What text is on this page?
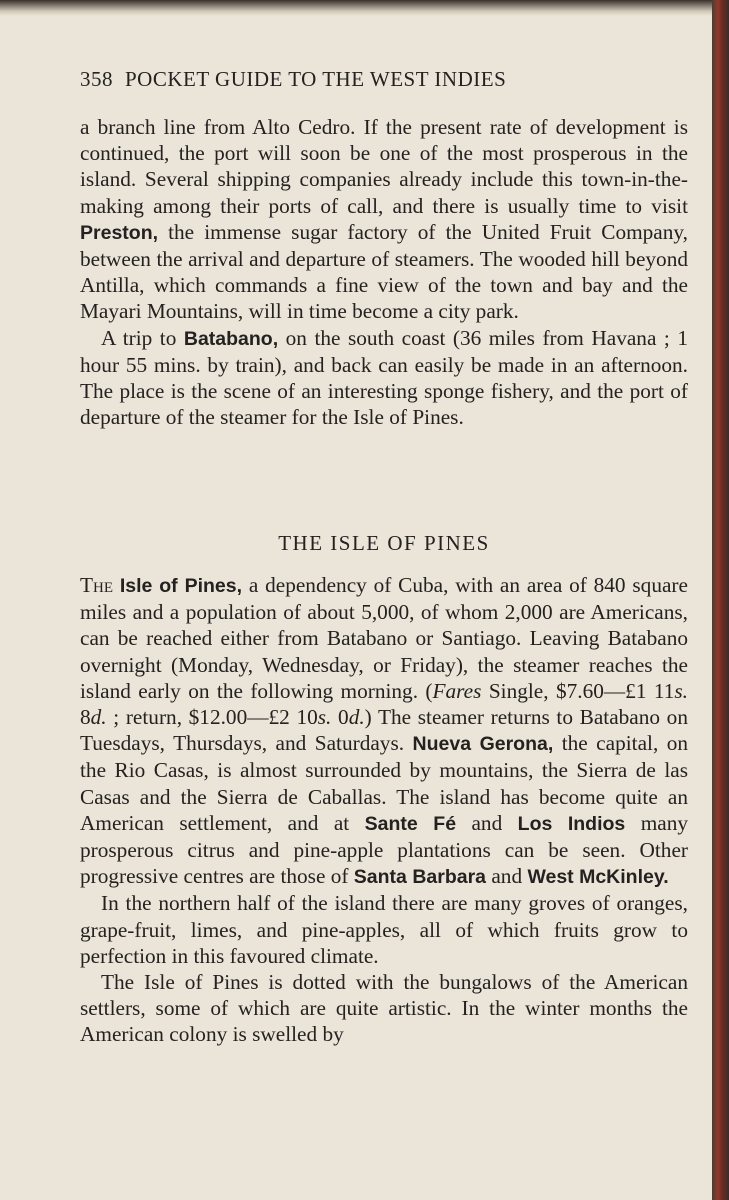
358 POCKET GUIDE TO THE WEST INDIES

a branch line from Alto Cedro. If the present rate of development is continued, the port will soon be one of the most prosperous in the island. Several shipping companies already include this town-in-the-making among their ports of call, and there is usually time to visit Preston, the immense sugar factory of the United Fruit Company, between the arrival and departure of steamers. The wooded hill beyond Antilla, which commands a fine view of the town and bay and the Mayari Mountains, will in time become a city park.

A trip to Batabano, on the south coast (36 miles from Havana ; 1 hour 55 mins. by train), and back can easily be made in an afternoon. The place is the scene of an interesting sponge fishery, and the port of departure of the steamer for the Isle of Pines.

THE ISLE OF PINES

The Isle of Pines, a dependency of Cuba, with an area of 840 square miles and a population of about 5,000, of whom 2,000 are Americans, can be reached either from Batabano or Santiago. Leaving Batabano overnight (Monday, Wednesday, or Friday), the steamer reaches the island early on the following morning. (Fares Single, $7.60—£1 11s. 8d. ; return, $12.00—£2 10s. 0d.) The steamer returns to Batabano on Tuesdays, Thursdays, and Saturdays. Nueva Gerona, the capital, on the Rio Casas, is almost surrounded by mountains, the Sierra de las Casas and the Sierra de Caballas. The island has become quite an American settlement, and at Sante Fé and Los Indios many prosperous citrus and pine-apple plantations can be seen. Other progressive centres are those of Santa Barbara and West McKinley.

In the northern half of the island there are many groves of oranges, grape-fruit, limes, and pine-apples, all of which fruits grow to perfection in this favoured climate.

The Isle of Pines is dotted with the bungalows of the American settlers, some of which are quite artistic. In the winter months the American colony is swelled by
